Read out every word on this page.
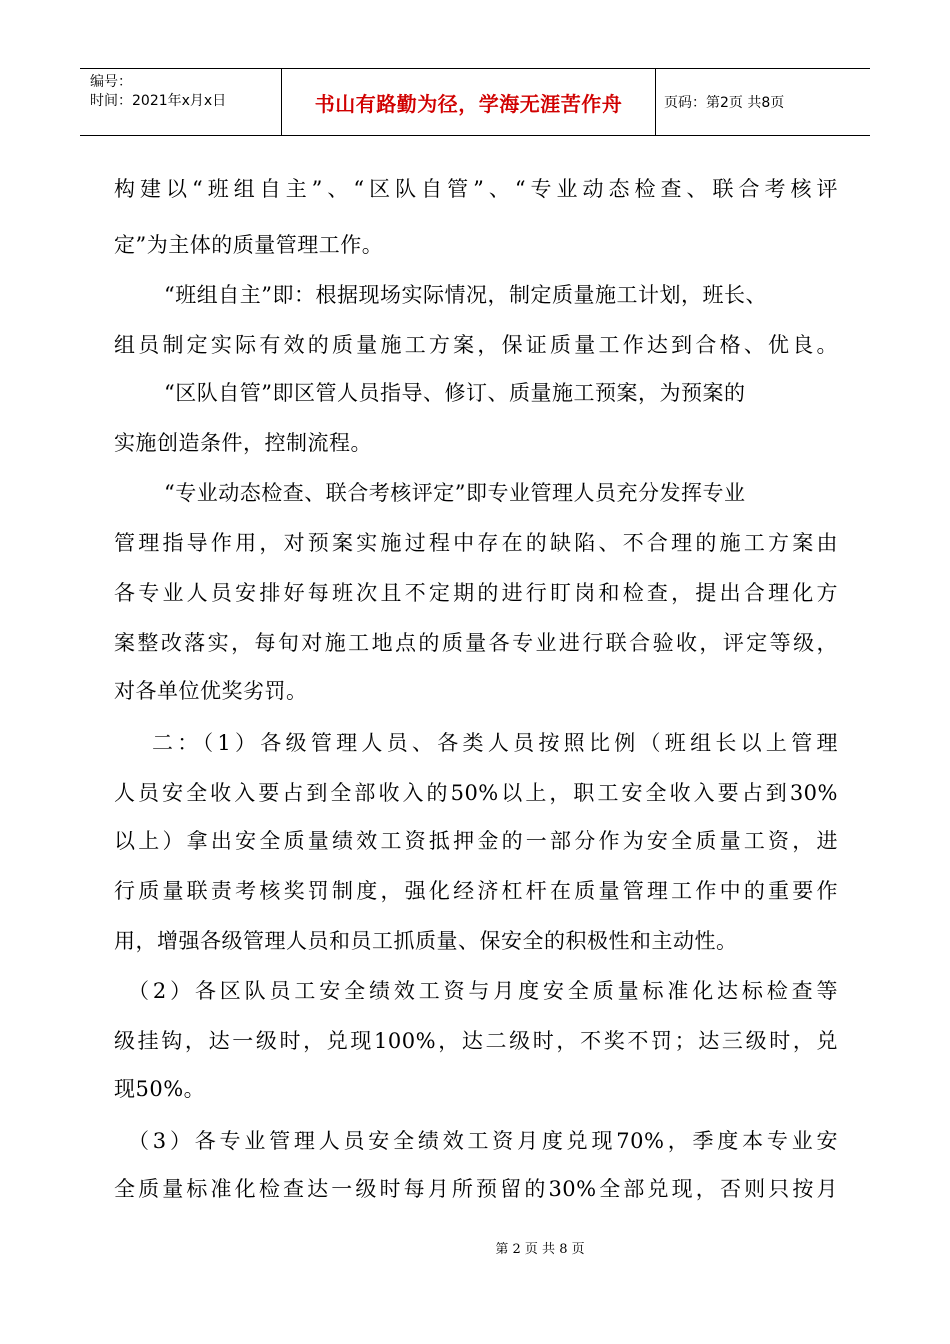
编号：
时间：2021年x月x日	书山有路勤为径，学海无涯苦作舟	页码：第2页 共8页
构建以“班组自主”、“区队自管”、“专业动态检查、联合考核评
定”为主体的质量管理工作。
“班组自主”即：根据现场实际情况，制定质量施工计划，班长、
组员制定实际有效的质量施工方案，保证质量工作达到合格、优良。
“区队自管”即区管人员指导、修订、质量施工预案，为预案的
实施创造条件，控制流程。
“专业动态检查、联合考核评定”即专业管理人员充分发挥专业
管理指导作用，对预案实施过程中存在的缺陷、不合理的施工方案由
各专业人员安排好每班次且不定期的进行盯岗和检查，提出合理化方
案整改落实，每旬对施工地点的质量各专业进行联合验收，评定等级，
对各单位优奖劣罚。
二：（1）各级管理人员、各类人员按照比例（班组长以上管理
人员安全收入要占到全部收入的50%以上，职工安全收入要占到30%
以上）拿出安全质量绩效工资抵押金的一部分作为安全质量工资，进
行质量联责考核奖罚制度，强化经济杠杆在质量管理工作中的重要作
用，增强各级管理人员和员工抓质量、保安全的积极性和主动性。
（2）各区队员工安全绩效工资与月度安全质量标准化达标检查等
级挂钩，达一级时，兑现100%，达二级时，不奖不罚；达三级时，兑
现50%。
（3）各专业管理人员安全绩效工资月度兑现70%，季度本专业安
全质量标准化检查达一级时每月所预留的30%全部兑现，否则只按月
第 2 页 共 8 页
